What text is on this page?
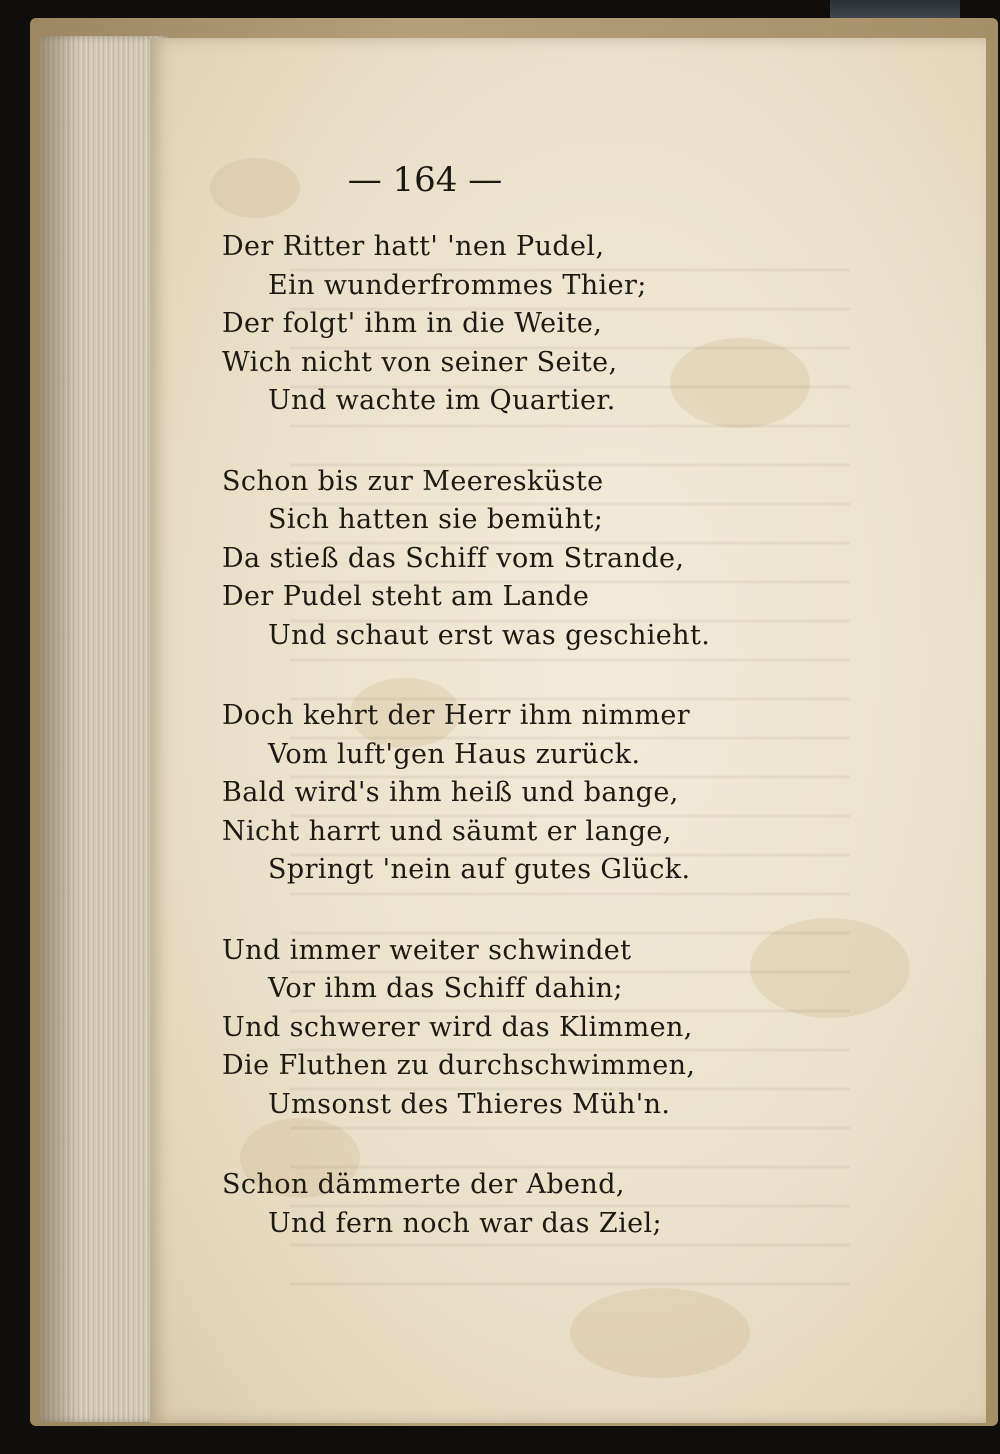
— 164 —
Der Ritter hatt' 'nen Pudel,
Ein wunderfrommes Thier;
Der folgt' ihm in die Weite,
Wich nicht von seiner Seite,
Und wachte im Quartier.
Schon bis zur Meeresküste
Sich hatten sie bemüht;
Da stieß das Schiff vom Strande,
Der Pudel steht am Lande
Und schaut erst was geschieht.
Doch kehrt der Herr ihm nimmer
Vom luft'gen Haus zurück.
Bald wird's ihm heiß und bange,
Nicht harrt und säumt er lange,
Springt 'nein auf gutes Glück.
Und immer weiter schwindet
Vor ihm das Schiff dahin;
Und schwerer wird das Klimmen,
Die Fluthen zu durchschwimmen,
Umsonst des Thieres Müh'n.
Schon dämmerte der Abend,
Und fern noch war das Ziel;
